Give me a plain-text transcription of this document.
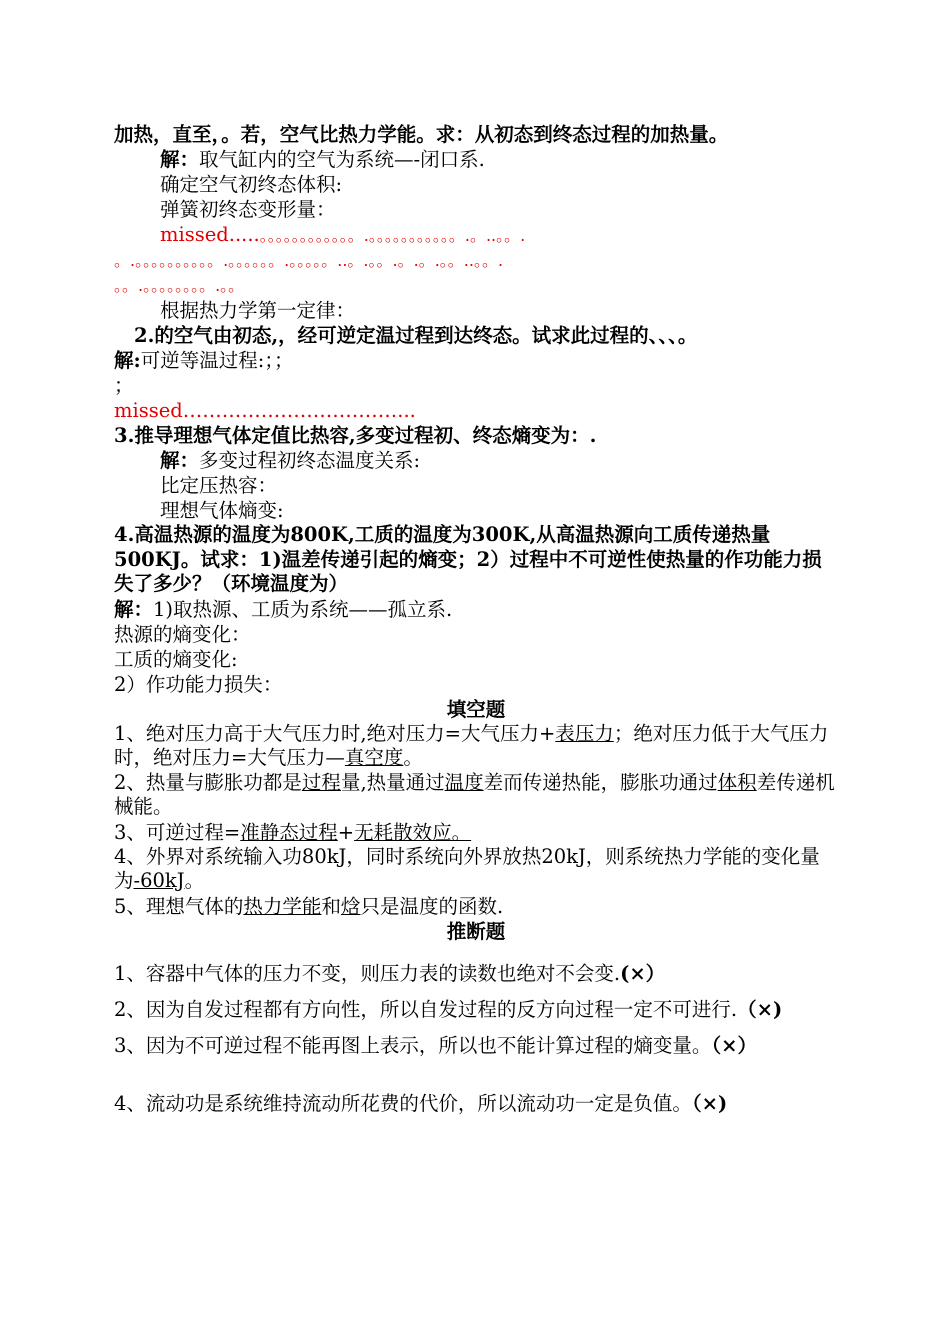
加热，直至，。若，空气比热力学能。求：从初态到终态过程的加热量。
解：取气缸内的空气为系统—-闭口系.
确定空气初终态体积:
弹簧初终态变形量：
missed.....。。。。。。。。。。。。.。。。。。。。。。。。.。..。。.
。.。。。。。。。。。。.。。。。。。.。。。。。..。.。。.。.。.。。..。。.
。。.。。。。。。。。.。。
根据热力学第一定律：
2.的空气由初态,，经可逆定温过程到达终态。试求此过程的、、、。
解:可逆等温过程:；；
；
missed……………………………...
3.推导理想气体定值比热容,多变过程初、终态熵变为：.
解：多变过程初终态温度关系:
比定压热容：
理想气体熵变:
4.高温热源的温度为800K,工质的温度为300K,从高温热源向工质传递热量500KJ。试求：1)温差传递引起的熵变；2）过程中不可逆性使热量的作功能力损失了多少？（环境温度为）
解：1)取热源、工质为系统——孤立系.
热源的熵变化：
工质的熵变化:
2）作功能力损失：
填空题
1、绝对压力高于大气压力时,绝对压力=大气压力+表压力；绝对压力低于大气压力时，绝对压力=大气压力—真空度。
2、热量与膨胀功都是过程量,热量通过温度差而传递热能，膨胀功通过体积差传递机械能。
3、可逆过程=准静态过程+无耗散效应。
4、外界对系统输入功80kJ，同时系统向外界放热20kJ，则系统热力学能的变化量为-60kJ。
5、理想气体的热力学能和焓只是温度的函数.
推断题
1、容器中气体的压力不变，则压力表的读数也绝对不会变.(×）
2、因为自发过程都有方向性，所以自发过程的反方向过程一定不可进行.（×)
3、因为不可逆过程不能再图上表示，所以也不能计算过程的熵变量。（×）
4、流动功是系统维持流动所花费的代价，所以流动功一定是负值。（×)
